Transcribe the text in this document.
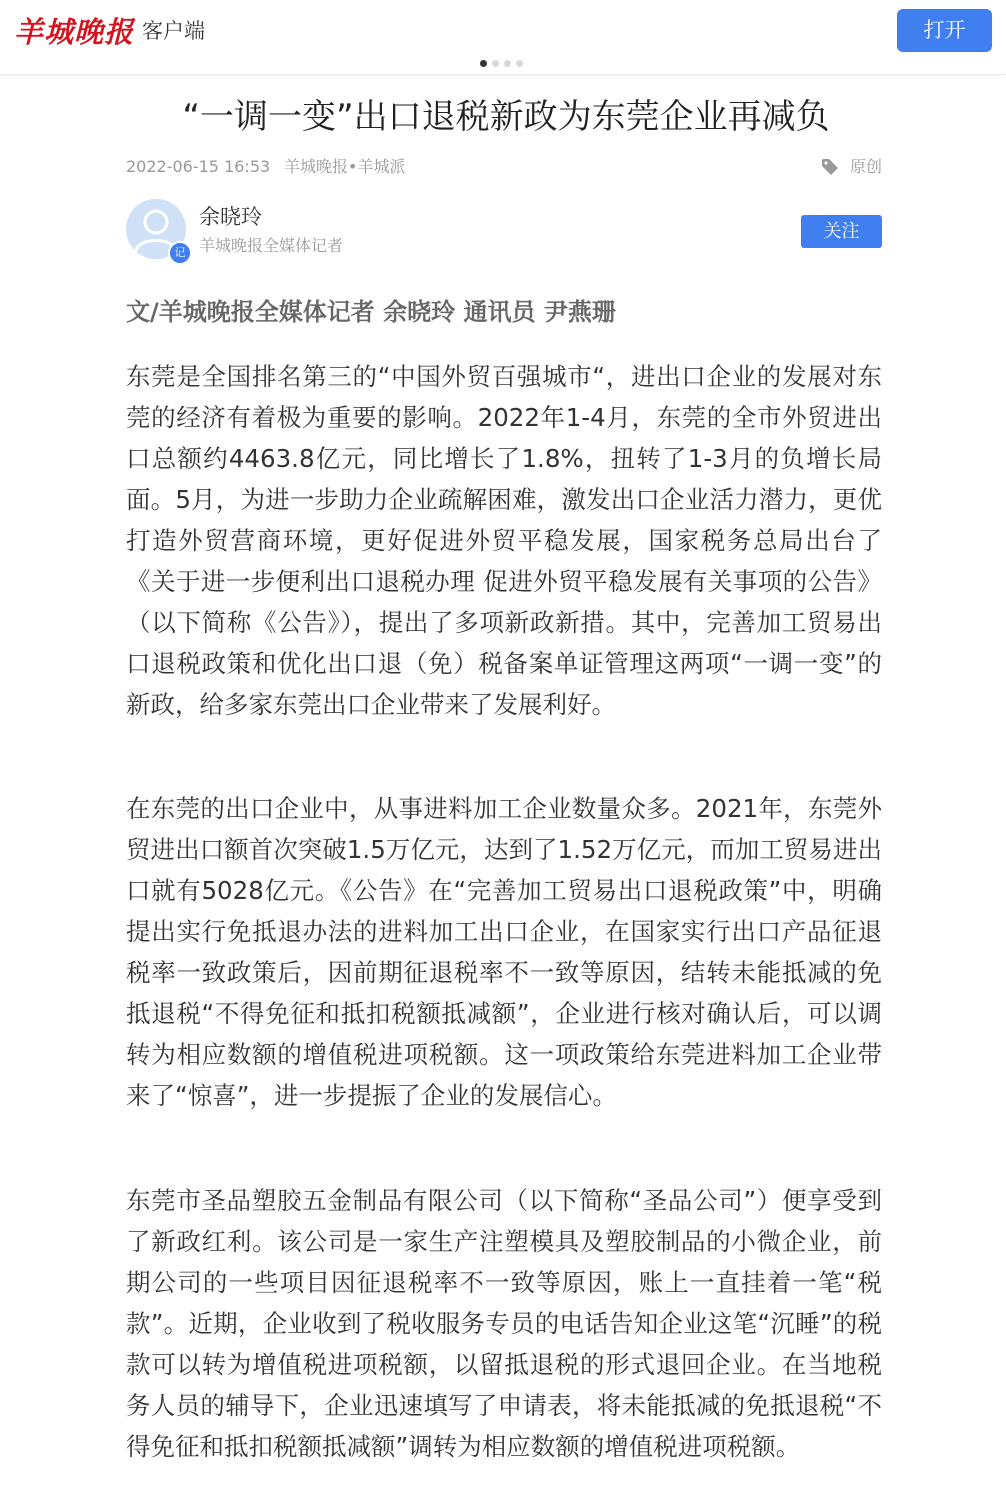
羊城晚报 客户端	打开
“一调一变”出口退税新政为东莞企业再减负
2022-06-15 16:53 羊城晚报•羊城派	原创
记
余晓玲
羊城晚报全媒体记者
关注

文/羊城晚报全媒体记者 余晓玲 通讯员 尹燕珊

东莞是全国排名第三的“中国外贸百强城市“，进出口企业的发展对东莞的经济有着极为重要的影响。2022年1-4月，东莞的全市外贸进出口总额约4463.8亿元，同比增长了1.8%，扭转了1-3月的负增长局面。5月，为进一步助力企业疏解困难，激发出口企业活力潜力，更优打造外贸营商环境，更好促进外贸平稳发展，国家税务总局出台了《关于进一步便利出口退税办理 促进外贸平稳发展有关事项的公告》（以下简称《公告》），提出了多项新政新措。其中，完善加工贸易出口退税政策和优化出口退（免）税备案单证管理这两项“一调一变”的新政，给多家东莞出口企业带来了发展利好。

在东莞的出口企业中，从事进料加工企业数量众多。2021年，东莞外贸进出口额首次突破1.5万亿元，达到了1.52万亿元，而加工贸易进出口就有5028亿元。《公告》在“完善加工贸易出口退税政策”中，明确提出实行免抵退办法的进料加工出口企业，在国家实行出口产品征退税率一致政策后，因前期征退税率不一致等原因，结转未能抵减的免抵退税“不得免征和抵扣税额抵减额”，企业进行核对确认后，可以调转为相应数额的增值税进项税额。这一项政策给东莞进料加工企业带来了“惊喜”，进一步提振了企业的发展信心。

东莞市圣品塑胶五金制品有限公司（以下简称“圣品公司”）便享受到了新政红利。该公司是一家生产注塑模具及塑胶制品的小微企业，前期公司的一些项目因征退税率不一致等原因，账上一直挂着一笔“税款”。近期，企业收到了税收服务专员的电话告知企业这笔“沉睡”的税款可以转为增值税进项税额，以留抵退税的形式退回企业。在当地税务人员的辅导下，企业迅速填写了申请表，将未能抵减的免抵退税“不得免征和抵扣税额抵减额”调转为相应数额的增值税进项税额。
